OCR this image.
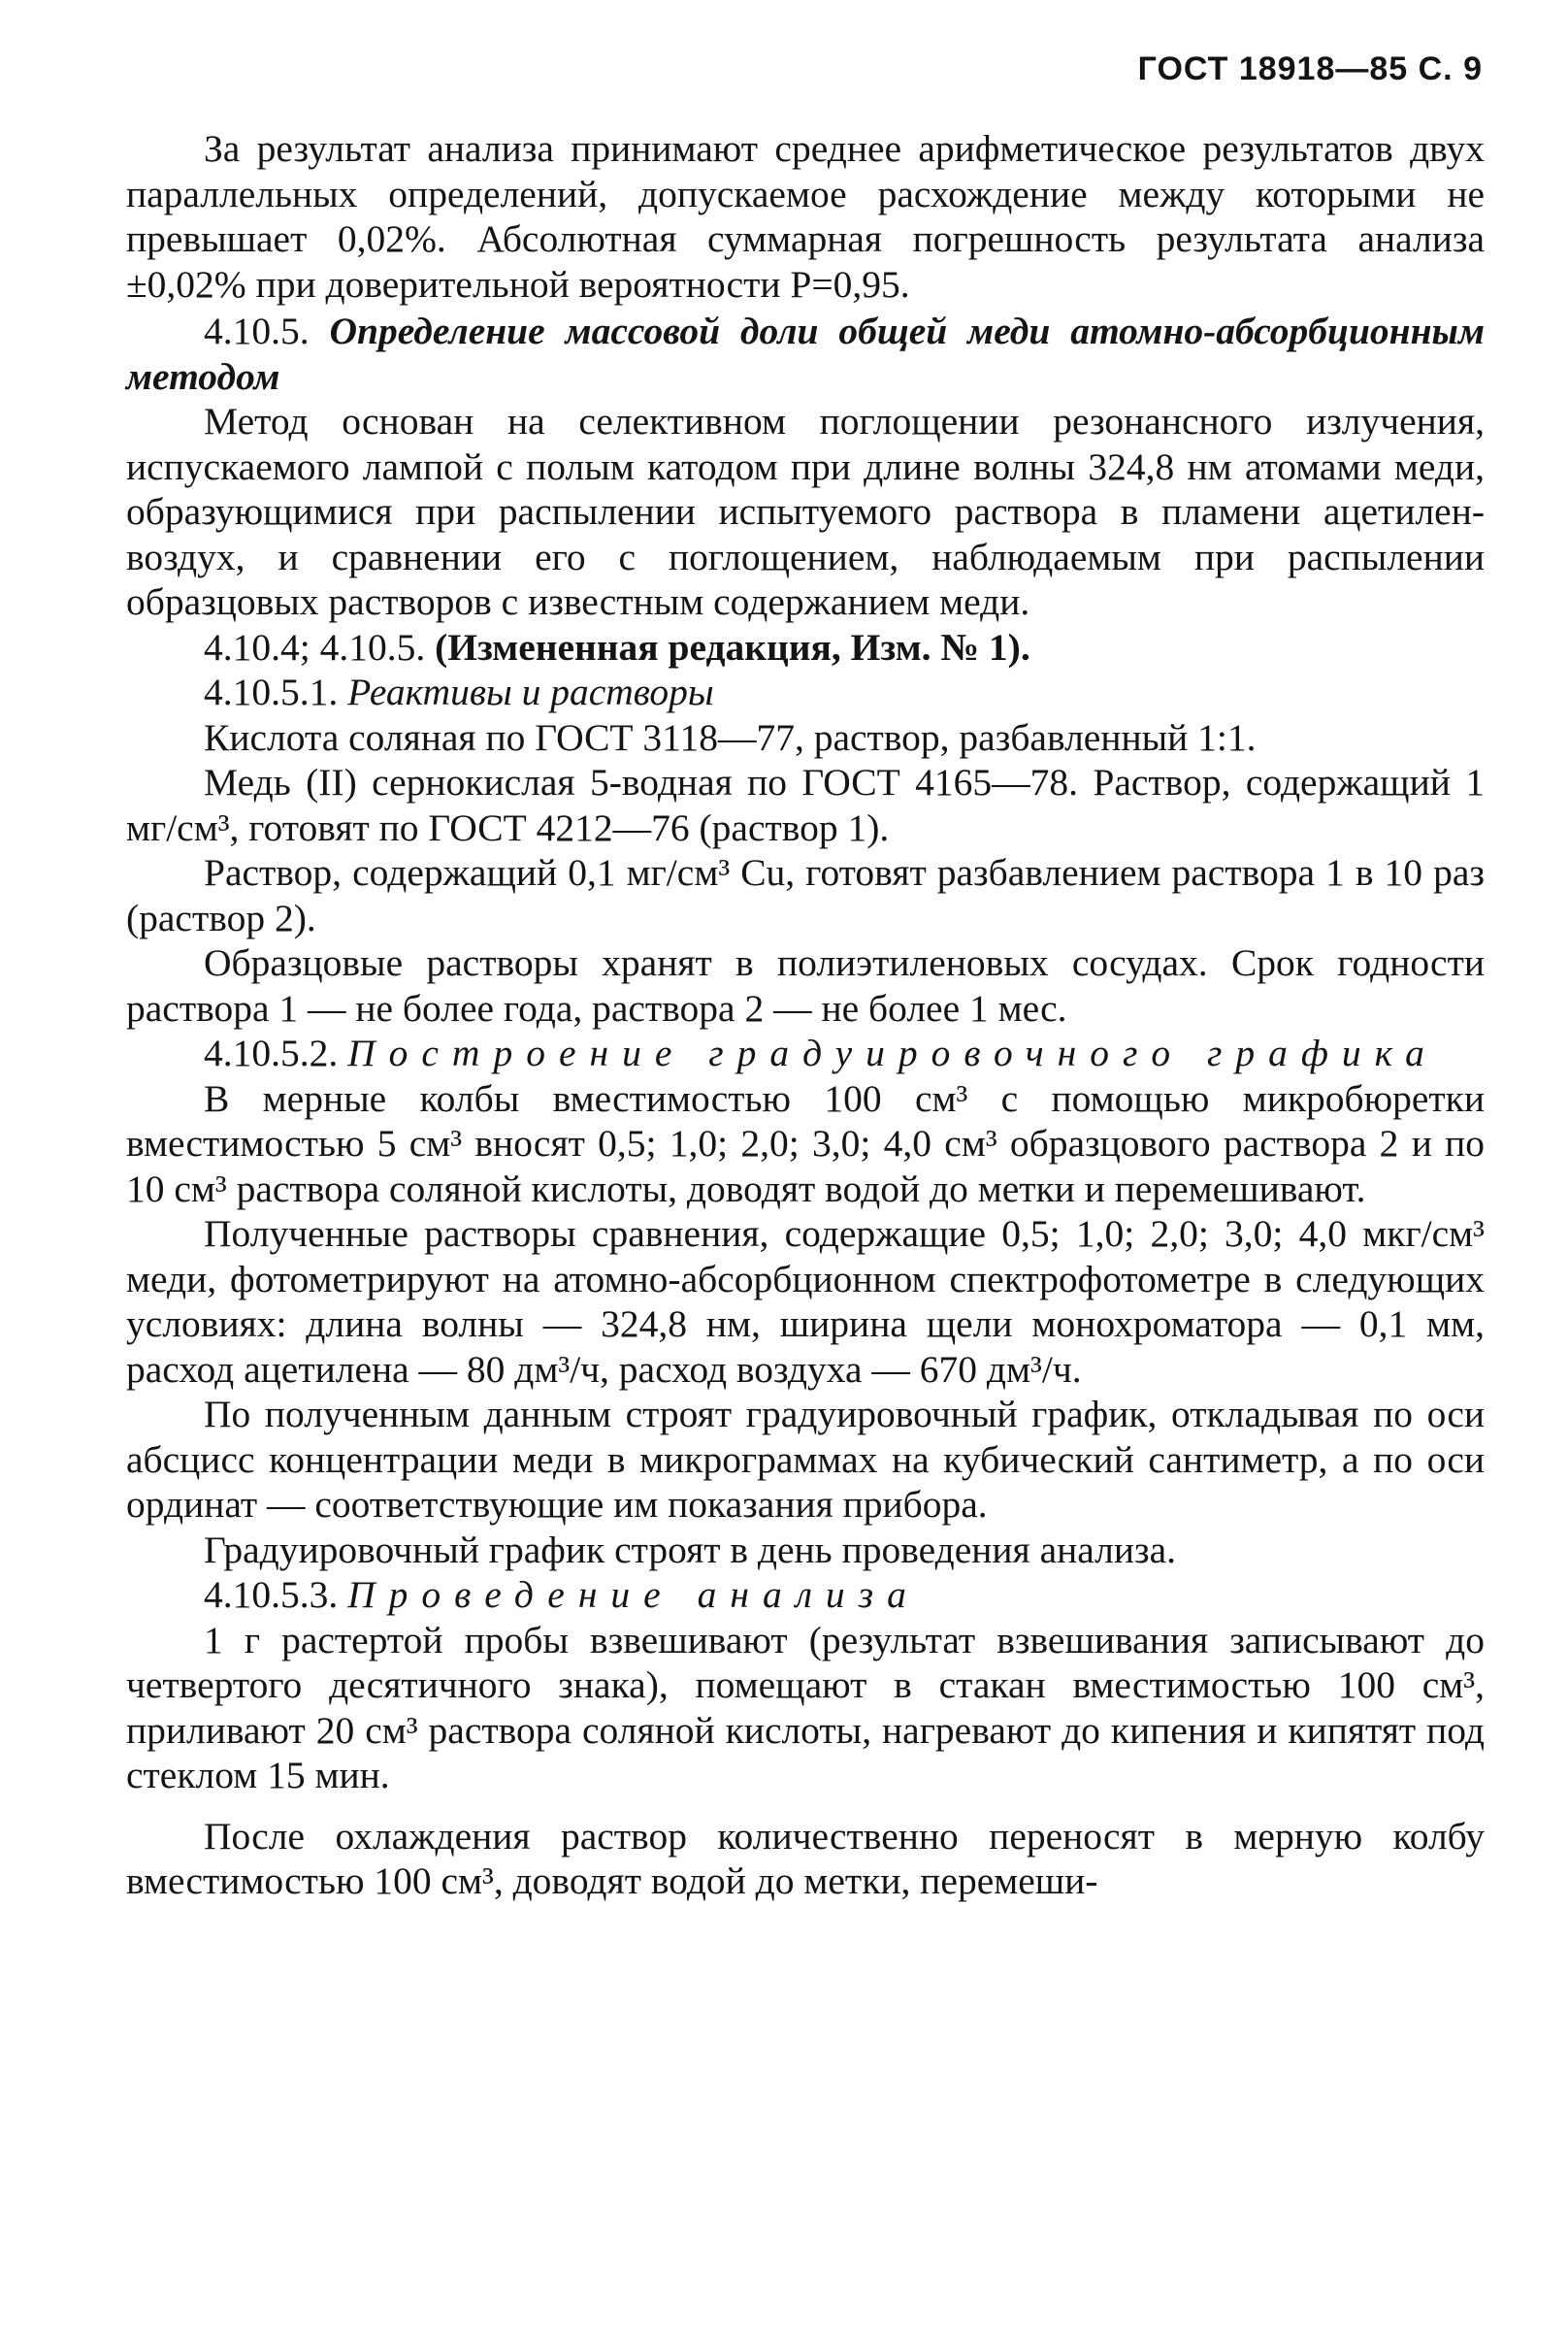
ГОСТ 18918—85 С. 9

За результат анализа принимают среднее арифметическое результатов двух параллельных определений, допускаемое расхождение между которыми не превышает 0,02%. Абсолютная суммарная погрешность результата анализа ±0,02% при доверительной вероятности P=0,95.

4.10.5. Определение массовой доли общей меди атомно-абсорбционным методом

Метод основан на селективном поглощении резонансного излучения, испускаемого лампой с полым катодом при длине волны 324,8 нм атомами меди, образующимися при распылении испытуемого раствора в пламени ацетилен-воздух, и сравнении его с поглощением, наблюдаемым при распылении образцовых растворов с известным содержанием меди.

4.10.4; 4.10.5. (Измененная редакция, Изм. № 1).

4.10.5.1. Реактивы и растворы

Кислота соляная по ГОСТ 3118—77, раствор, разбавленный 1:1.

Медь (II) сернокислая 5-водная по ГОСТ 4165—78. Раствор, содержащий 1 мг/см³, готовят по ГОСТ 4212—76 (раствор 1).

Раствор, содержащий 0,1 мг/см³ Cu, готовят разбавлением раствора 1 в 10 раз (раствор 2).

Образцовые растворы хранят в полиэтиленовых сосудах. Срок годности раствора 1 — не более года, раствора 2 — не более 1 мес.

4.10.5.2. Построение градуировочного графика

В мерные колбы вместимостью 100 см³ с помощью микробюретки вместимостью 5 см³ вносят 0,5; 1,0; 2,0; 3,0; 4,0 см³ образцового раствора 2 и по 10 см³ раствора соляной кислоты, доводят водой до метки и перемешивают.

Полученные растворы сравнения, содержащие 0,5; 1,0; 2,0; 3,0; 4,0 мкг/см³ меди, фотометрируют на атомно-абсорбционном спектрофотометре в следующих условиях: длина волны — 324,8 нм, ширина щели монохроматора — 0,1 мм, расход ацетилена — 80 дм³/ч, расход воздуха — 670 дм³/ч.

По полученным данным строят градуировочный график, откладывая по оси абсцисс концентрации меди в микрограммах на кубический сантиметр, а по оси ординат — соответствующие им показания прибора.

Градуировочный график строят в день проведения анализа.

4.10.5.3. Проведение анализа

1 г растертой пробы взвешивают (результат взвешивания записывают до четвертого десятичного знака), помещают в стакан вместимостью 100 см³, приливают 20 см³ раствора соляной кислоты, нагревают до кипения и кипятят под стеклом 15 мин.

После охлаждения раствор количественно переносят в мерную колбу вместимостью 100 см³, доводят водой до метки, перемеши-
